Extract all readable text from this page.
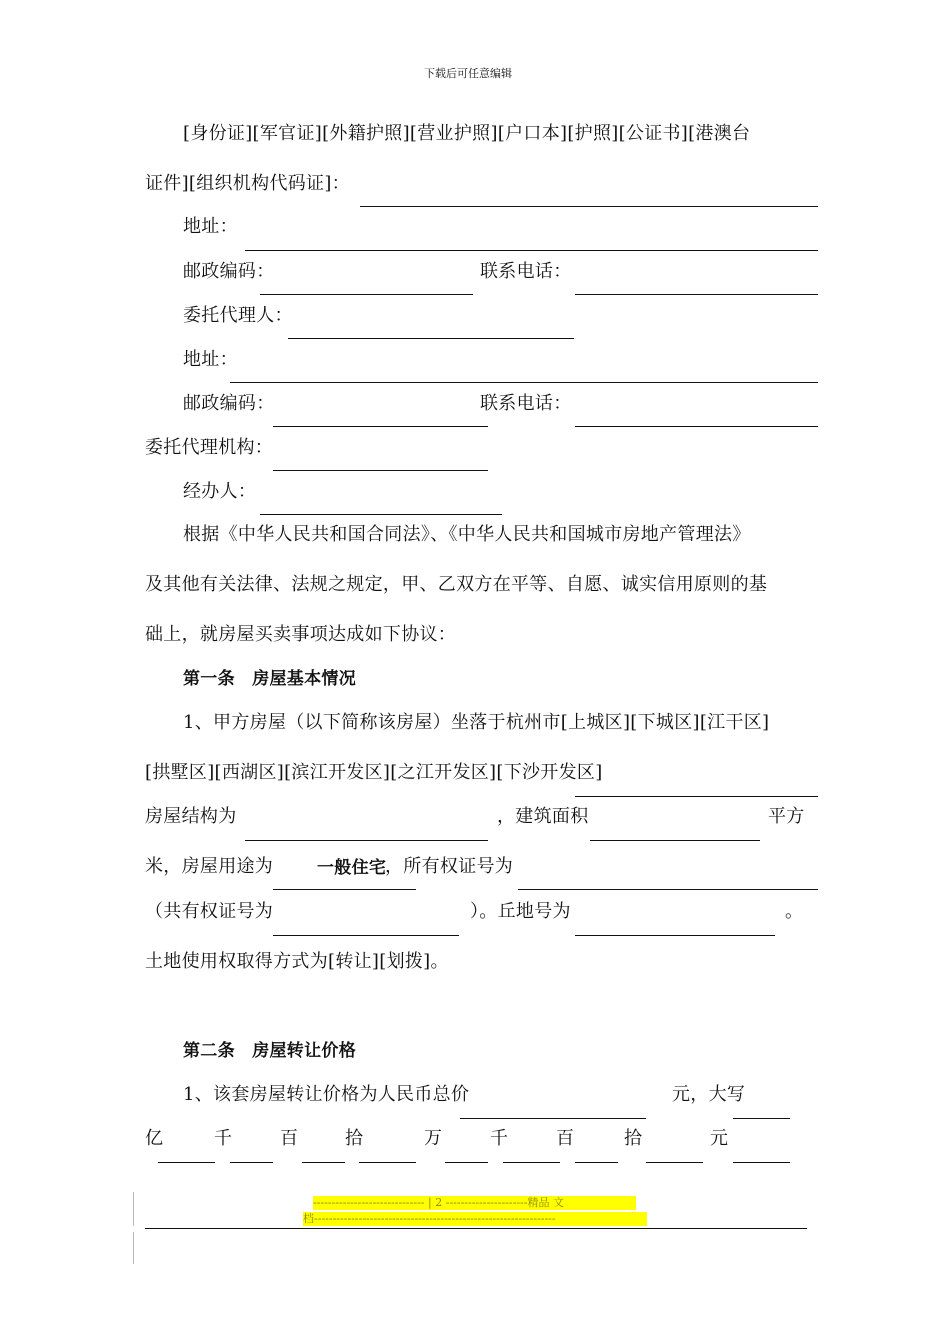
下载后可任意编辑
[身份证][军官证][外籍护照][营业护照][户口本][护照][公证书][港澳台
证件][组织机构代码证]：
地址：
邮政编码：	联系电话：
委托代理人：
地址：
邮政编码：	联系电话：
委托代理机构：
经办人：
根据《中华人民共和国合同法》、《中华人民共和国城市房地产管理法》
及其他有关法律、法规之规定，甲、乙双方在平等、自愿、诚实信用原则的基
础上，就房屋买卖事项达成如下协议：
第一条　房屋基本情况
1、甲方房屋（以下简称该房屋）坐落于杭州市[上城区][下城区][江干区]
[拱墅区][西湖区][滨江开发区][之江开发区][下沙开发区]
房屋结构为	，建筑面积	平方
米，房屋用途为	一般住宅
，所有权证号为
（共有权证号为	）。丘地号为	。
土地使用权取得方式为[转让][划拨]。
第二条　房屋转让价格
1、该套房屋转让价格为人民币总价	元，大写
亿	千	百	拾	万	千	百	拾	元
------------------------------ | 2 ----------------------精品 文
档-----------------------------------------------------------------
